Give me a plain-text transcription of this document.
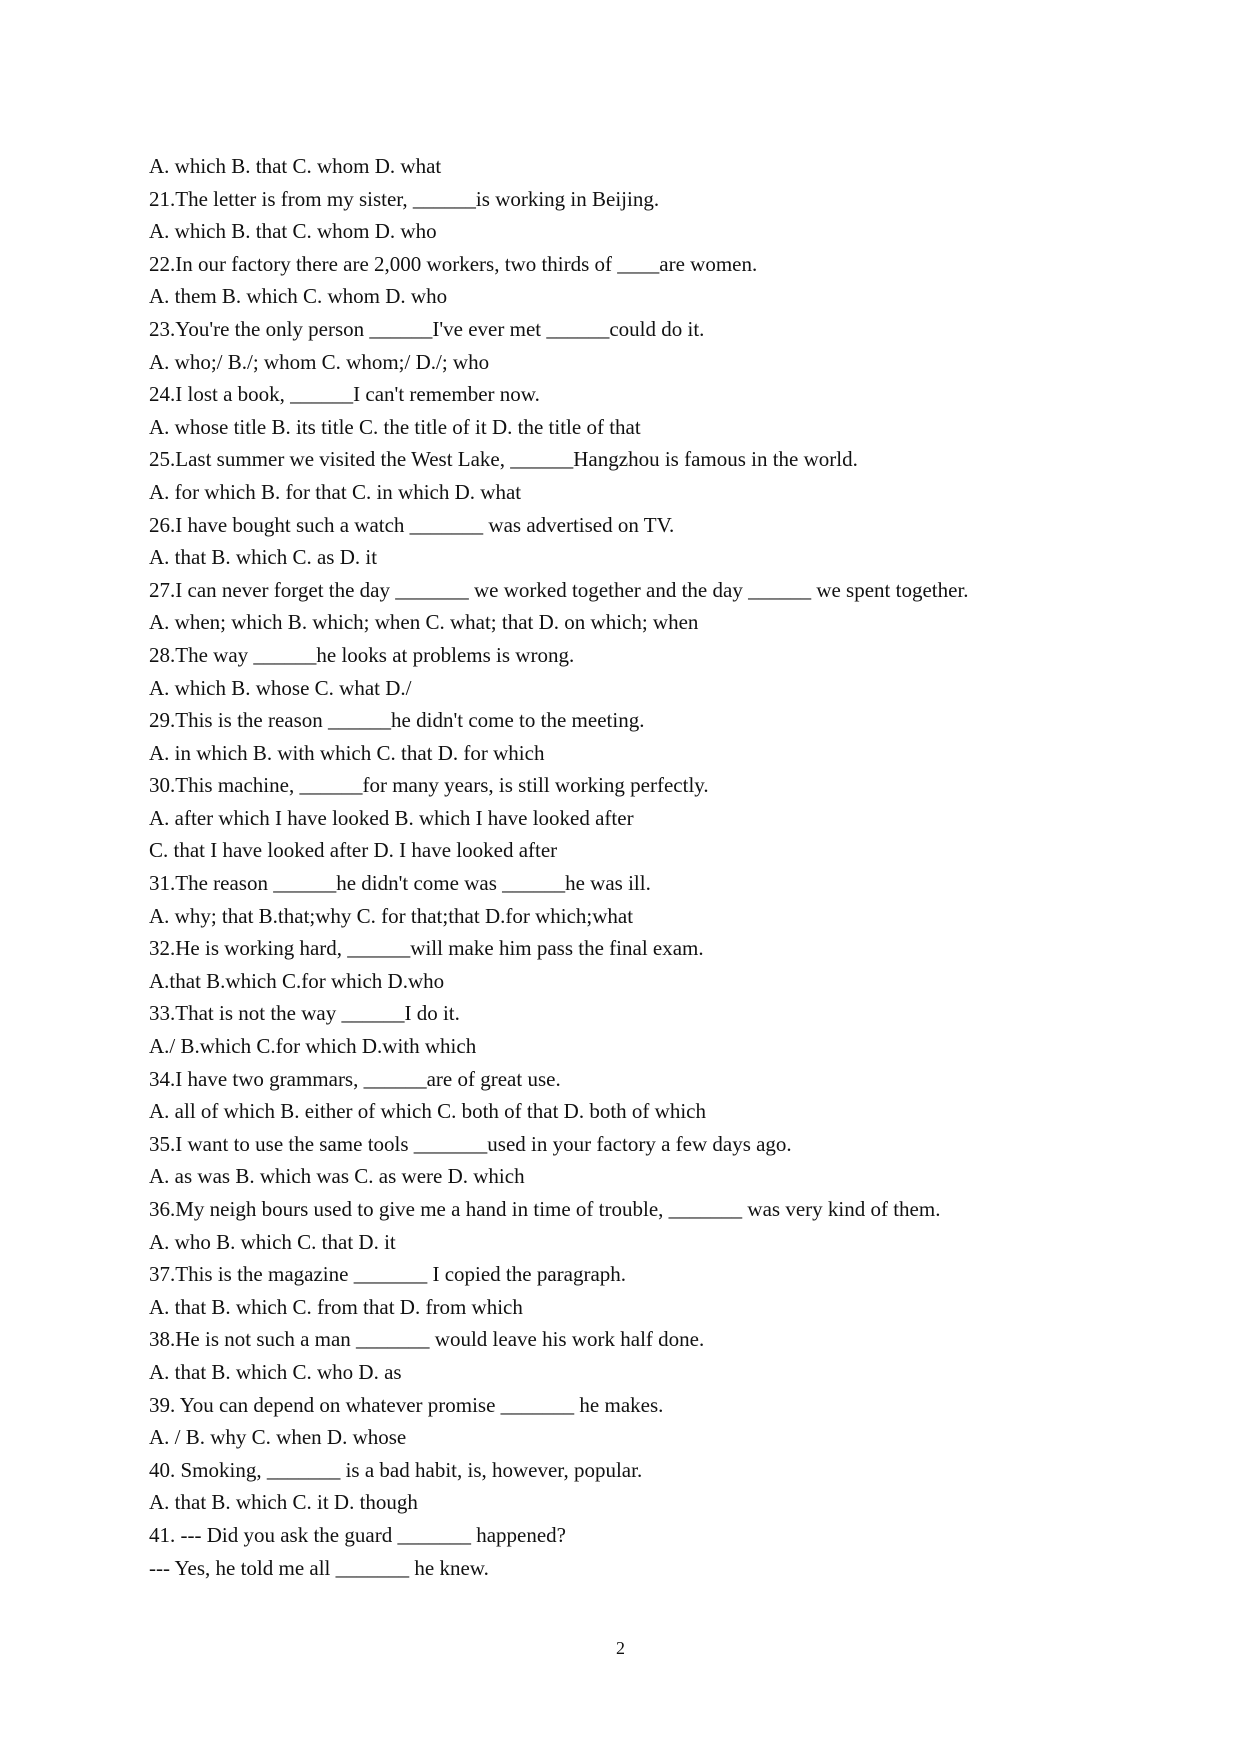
A. which B. that C. whom D. what
21.The letter is from my sister, ______is working in Beijing.
A. which B. that C. whom D. who
22.In our factory there are 2,000 workers, two thirds of ____are women.
A. them B. which C. whom D. who
23.You're the only person ______I've ever met ______could do it.
A. who;/ B./; whom C. whom;/ D./; who
24.I lost a book, ______I can't remember now.
A. whose title B. its title C. the title of it D. the title of that
25.Last summer we visited the West Lake, ______Hangzhou is famous in the world.
A. for which B. for that C. in which D. what
26.I have bought such a watch _______ was advertised on TV.
A. that B. which C. as D. it
27.I can never forget the day _______ we worked together and the day ______ we spent together.
A. when; which B. which; when C. what; that D. on which; when
28.The way ______he looks at problems is wrong.
A. which B. whose C. what D./
29.This is the reason ______he didn't come to the meeting.
A. in which B. with which C. that D. for which
30.This machine, ______for many years, is still working perfectly.
A. after which I have looked B. which I have looked after
C. that I have looked after D. I have looked after
31.The reason ______he didn't come was ______he was ill.
A. why; that B.that;why C. for that;that D.for which;what
32.He is working hard, ______will make him pass the final exam.
A.that B.which C.for which D.who
33.That is not the way ______I do it.
A./ B.which C.for which D.with which
34.I have two grammars, ______are of great use.
A. all of which B. either of which C. both of that D. both of which
35.I want to use the same tools _______used in your factory a few days ago.
A. as was B. which was C. as were D. which
36.My neigh bours used to give me a hand in time of trouble, _______ was very kind of them.
A. who B. which C. that D. it
37.This is the magazine _______ I copied the paragraph.
A. that B. which C. from that D. from which
38.He is not such a man _______ would leave his work half done.
A. that B. which C. who D. as
39. You can depend on whatever promise _______ he makes.
A. / B. why C. when D. whose
40. Smoking, _______ is a bad habit, is, however, popular.
A. that B. which C. it D. though
41. --- Did you ask the guard _______ happened?
--- Yes, he told me all _______ he knew.
2
